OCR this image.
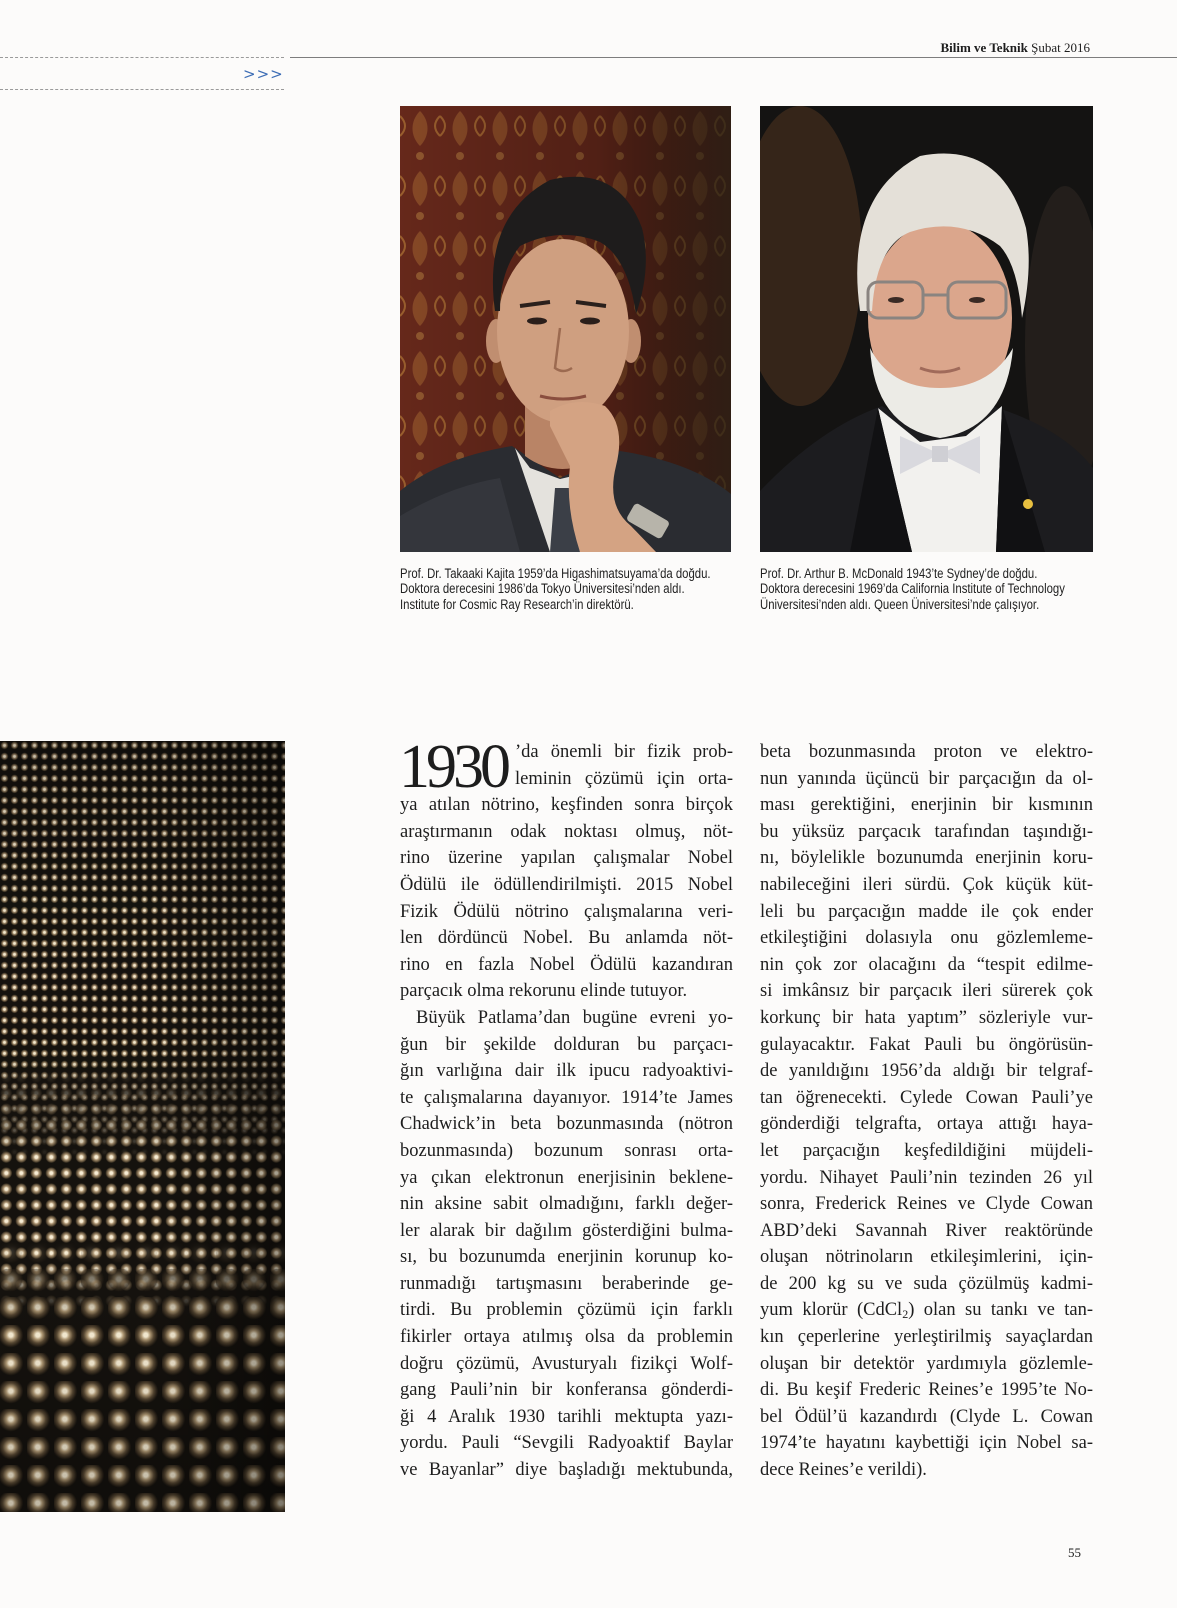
>>>
Bilim ve Teknik Şubat 2016
Prof. Dr. Takaaki Kajita 1959’da Higashimatsuyama’da doğdu.
Doktora derecesini 1986’da Tokyo Üniversitesi’nden aldı.
Institute for Cosmic Ray Research’in direktörü.
Prof. Dr. Arthur B. McDonald 1943’te Sydney’de doğdu.
Doktora derecesini 1969’da California Institute of Technology
Üniversitesi’nden aldı. Queen Üniversitesi’nde çalışıyor.
1930 ’da önemli bir fizik prob-
leminin çözümü için orta-
ya atılan nötrino, keşfinden sonra birçok
araştırmanın odak noktası olmuş, nöt-
rino üzerine yapılan çalışmalar Nobel
Ödülü ile ödüllendirilmişti. 2015 Nobel
Fizik Ödülü nötrino çalışmalarına veri-
len dördüncü Nobel. Bu anlamda nöt-
rino en fazla Nobel Ödülü kazandıran
parçacık olma rekorunu elinde tutuyor.
Büyük Patlama’dan bugüne evreni yo-
ğun bir şekilde dolduran bu parçacı-
ğın varlığına dair ilk ipucu radyoaktivi-
te çalışmalarına dayanıyor. 1914’te James
Chadwick’in beta bozunmasında (nötron
bozunmasında) bozunum sonrası orta-
ya çıkan elektronun enerjisinin beklene-
nin aksine sabit olmadığını, farklı değer-
ler alarak bir dağılım gösterdiğini bulma-
sı, bu bozunumda enerjinin korunup ko-
runmadığı tartışmasını beraberinde ge-
tirdi. Bu problemin çözümü için farklı
fikirler ortaya atılmış olsa da problemin
doğru çözümü, Avusturyalı fizikçi Wolf-
gang Pauli’nin bir konferansa gönderdi-
ği 4 Aralık 1930 tarihli mektupta yazı-
yordu. Pauli “Sevgili Radyoaktif Baylar
ve Bayanlar” diye başladığı mektubunda,
beta bozunmasında proton ve elektro-
nun yanında üçüncü bir parçacığın da ol-
ması gerektiğini, enerjinin bir kısmının
bu yüksüz parçacık tarafından taşındığı-
nı, böylelikle bozunumda enerjinin koru-
nabileceğini ileri sürdü. Çok küçük küt-
leli bu parçacığın madde ile çok ender
etkileştiğini dolasıyla onu gözlemleme-
nin çok zor olacağını da “tespit edilme-
si imkânsız bir parçacık ileri sürerek çok
korkunç bir hata yaptım” sözleriyle vur-
gulayacaktır. Fakat Pauli bu öngörüsün-
de yanıldığını 1956’da aldığı bir telgraf-
tan öğrenecekti. Cylede Cowan Pauli’ye
gönderdiği telgrafta, ortaya attığı haya-
let parçacığın keşfedildiğini müjdeli-
yordu. Nihayet Pauli’nin tezinden 26 yıl
sonra, Frederick Reines ve Clyde Cowan
ABD’deki Savannah River reaktöründe
oluşan nötrinoların etkileşimlerini, için-
de 200 kg su ve suda çözülmüş kadmi-
yum klorür (CdCl$_2$) olan su tankı ve tan-
kın çeperlerine yerleştirilmiş sayaçlardan
oluşan bir detektör yardımıyla gözlemle-
di. Bu keşif Frederic Reines’e 1995’te No-
bel Ödül’ü kazandırdı (Clyde L. Cowan
1974’te hayatını kaybettiği için Nobel sa-
dece Reines’e verildi).
55
